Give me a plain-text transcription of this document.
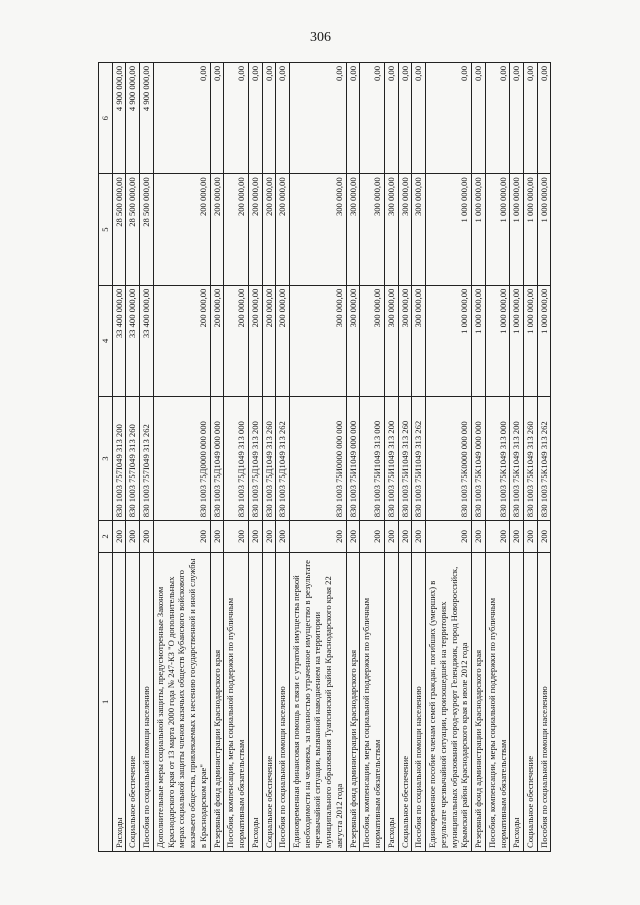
306
1	2	3	4	5	6
Расходы	200	830 1003 757I049 313 200	33 400 000,00	28 500 000,00	4 900 000,00
Социальное обеспечение	200	830 1003 757I049 313 260	33 400 000,00	28 500 000,00	4 900 000,00
Пособия по социальной помощи населению	200	830 1003 757I049 313 262	33 400 000,00	28 500 000,00	4 900 000,00
Дополнительные меры социальной защиты, предусмотренные Законом Краснодарского края от 13 марта 2000 года № 247-КЗ "О дополнительных мерах социальной защиты членов казачьих обществ Кубанского войскового казачьего общества, привлекаемых к несению государственной и иной службы в Краснодарском крае"	200	830 1003 75Д0000 000 000	200 000,00	200 000,00	0,00
Резервный фонд администрации Краснодарского края	200	830 1003 75Д1049 000 000	200 000,00	200 000,00	0,00
Пособия, компенсации, меры социальной поддержки по публичным нормативным обязательствам	200	830 1003 75Д1049 313 000	200 000,00	200 000,00	0,00
Расходы	200	830 1003 75Д1049 313 200	200 000,00	200 000,00	0,00
Социальное обеспечение	200	830 1003 75Д1049 313 260	200 000,00	200 000,00	0,00
Пособия по социальной помощи населению	200	830 1003 75Д1049 313 262	200 000,00	200 000,00	0,00
Единовременная финансовая помощь в связи с утратой имущества первой необходимости на человека, за полностью утраченное имущество в результате чрезвычайной ситуации, вызванной наводнением на территории муниципального образования Туапсинский район Краснодарского края 22 августа 2012 года	200	830 1003 75И0000 000 000	300 000,00	300 000,00	0,00
Резервный фонд администрации Краснодарского края	200	830 1003 75И1049 000 000	300 000,00	300 000,00	0,00
Пособия, компенсации, меры социальной поддержки по публичным нормативным обязательствам	200	830 1003 75И1049 313 000	300 000,00	300 000,00	0,00
Расходы	200	830 1003 75И1049 313 200	300 000,00	300 000,00	0,00
Социальное обеспечение	200	830 1003 75И1049 313 260	300 000,00	300 000,00	0,00
Пособия по социальной помощи населению	200	830 1003 75И1049 313 262	300 000,00	300 000,00	0,00
Единовременное пособие членам семей граждан, погибших (умерших) в результате чрезвычайной ситуации, произошедшей на территориях муниципальных образований город-курорт Геленджик, город Новороссийск, Крымский район Краснодарского края в июле 2012 года	200	830 1003 75К0000 000 000	1 000 000,00	1 000 000,00	0,00
Резервный фонд администрации Краснодарского края	200	830 1003 75К1049 000 000	1 000 000,00	1 000 000,00	0,00
Пособия, компенсации, меры социальной поддержки по публичным нормативным обязательствам	200	830 1003 75К1049 313 000	1 000 000,00	1 000 000,00	0,00
Расходы	200	830 1003 75К1049 313 200	1 000 000,00	1 000 000,00	0,00
Социальное обеспечение	200	830 1003 75К1049 313 260	1 000 000,00	1 000 000,00	0,00
Пособия по социальной помощи населению	200	830 1003 75К1049 313 262	1 000 000,00	1 000 000,00	0,00
